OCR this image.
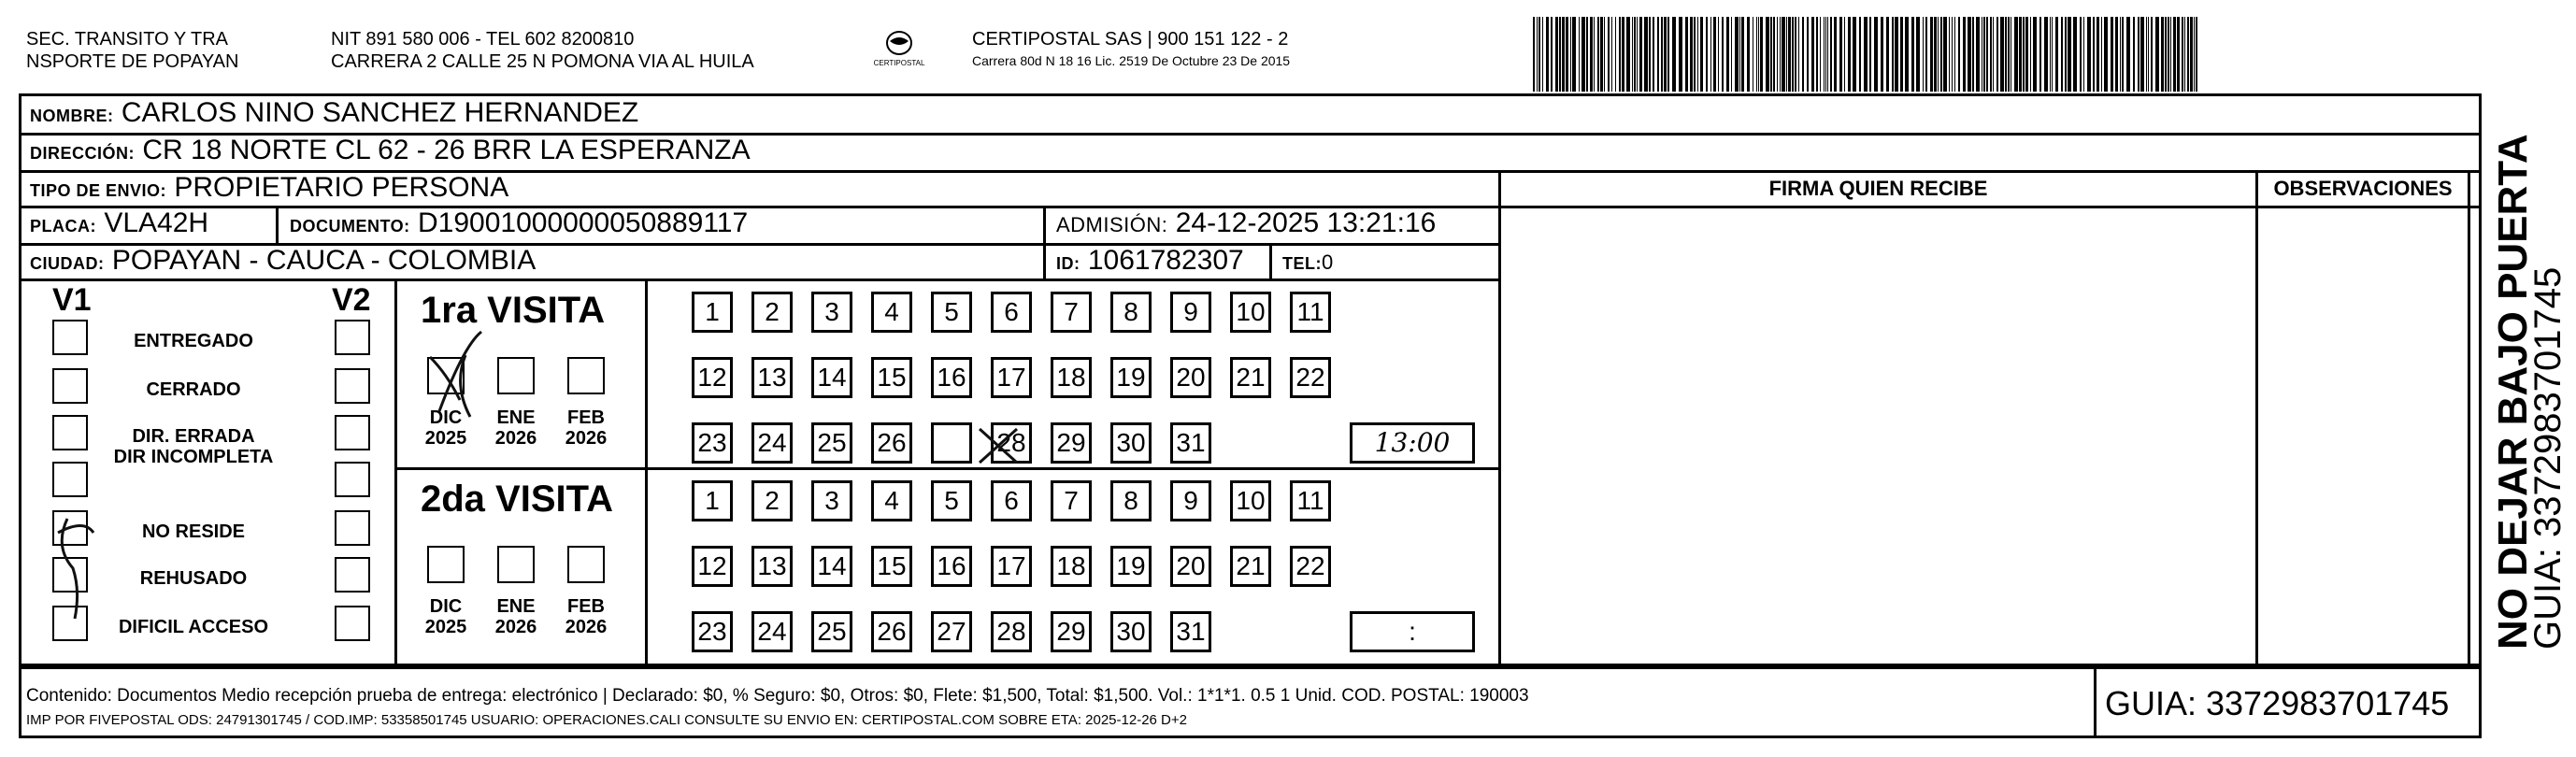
SEC. TRANSITO Y TRA
NSPORTE DE POPAYAN
NIT 891 580 006 - TEL 602 8200810
CARRERA 2 CALLE 25 N POMONA VIA AL HUILA	CERTIPOSTAL
CERTIPOSTAL SAS | 900 151 122 - 2
Carrera 80d N 18 16 Lic. 2519 De Octubre 23 De 2015
NOMBRE: CARLOS NINO SANCHEZ HERNANDEZ
DIRECCIÓN: CR 18 NORTE CL 62 - 26 BRR LA ESPERANZA
TIPO DE ENVIO: PROPIETARIO PERSONA
PLACA: VLA42H	DOCUMENTO: D19001000000050889117	ADMISIÓN: 24-12-2025 13:21:16
CIUDAD: POPAYAN - CAUCA - COLOMBIA	ID: 1061782307	TEL:0
FIRMA QUIEN RECIBE	OBSERVACIONES
V1	V2
ENTREGADO
CERRADO
DIR. ERRADA
DIR INCOMPLETA
NO RESIDE
REHUSADO
DIFICIL ACCESO
1ra VISITA
DIC
2025
ENE
2026
FEB
2026
1	2	3	4	5	6	7	8	9	10 11
12 13 14 15 16 17 18 19 20 21 22
23 24 25 26	28 29 30 31	13:00
2da VISITA
DIC
2025
ENE
2026
FEB
2026
1	2	3	4	5	6	7	8	9	10 11
12 13 14 15 16 17 18 19 20 21 22
23 24 25 26 27 28 29 30 31	:
Contenido: Documentos Medio recepción prueba de entrega: electrónico | Declarado: $0, % Seguro: $0, Otros: $0, Flete: $1,500, Total: $1,500. Vol.: 1*1*1. 0.5 1 Unid. COD. POSTAL: 190003
IMP POR FIVEPOSTAL ODS: 24791301745 / COD.IMP: 53358501745 USUARIO: OPERACIONES.CALI CONSULTE SU ENVIO EN: CERTIPOSTAL.COM SOBRE ETA: 2025-12-26 D+2	GUIA: 3372983701745
NO DEJAR BAJO PUERTA
GUIA: 3372983701745
